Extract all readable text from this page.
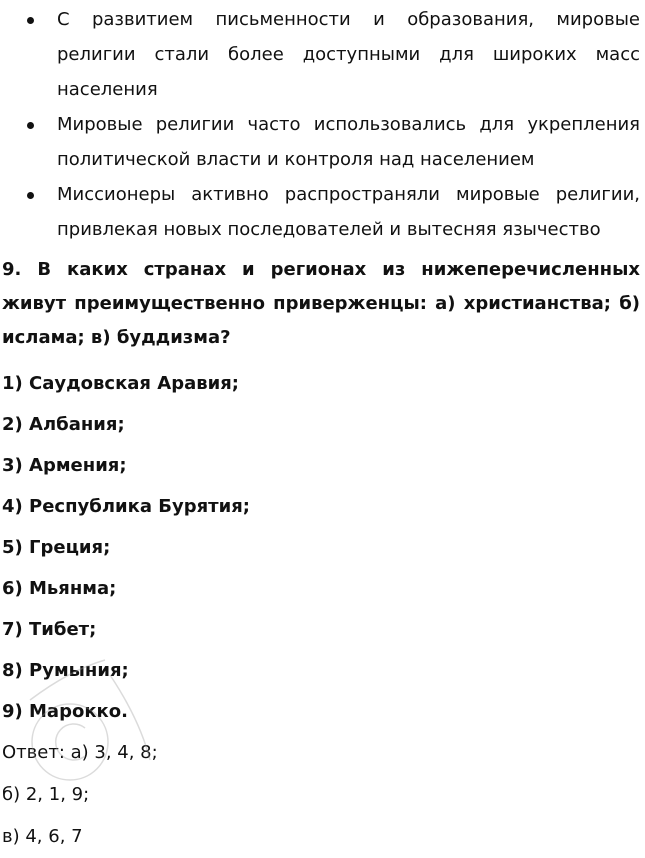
С развитием письменности и образования, мировые религии стали более доступными для широких масс населения
Мировые религии часто использовались для укрепления политической власти и контроля над населением
Миссионеры активно распространяли мировые религии, привлекая новых последователей и вытесняя язычество
9. В каких странах и регионах из нижеперечисленных живут преимущественно приверженцы: а) христианства; б) ислама; в) буддизма?
1) Саудовская Аравия;
2) Албания;
3) Армения;
4) Республика Бурятия;
5) Греция;
6) Мьянма;
7) Тибет;
8) Румыния;
9) Марокко.
Ответ: а) 3, 4, 8;
б) 2, 1, 9;
в) 4, 6, 7
